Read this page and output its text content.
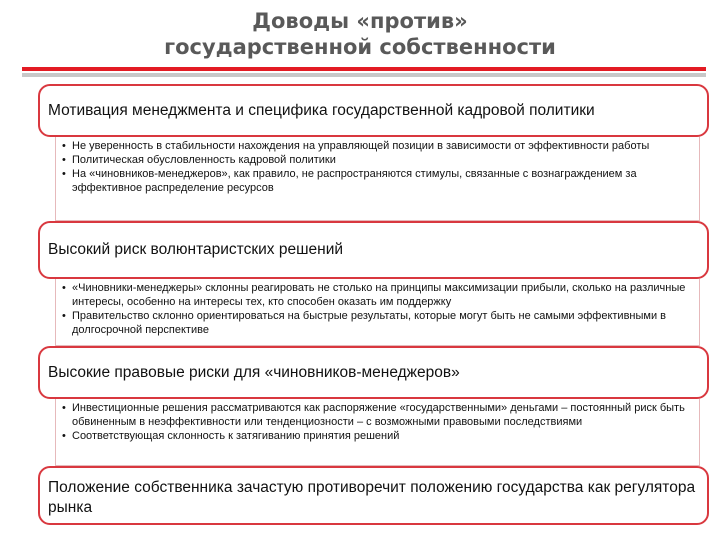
Доводы «против»
государственной собственности
Мотивация менеджмента и специфика государственной кадровой политики
• Не уверенность в стабильности нахождения на управляющей позиции в зависимости от эффективности работы
• Политическая обусловленность кадровой политики
• На «чиновников-менеджеров», как правило, не распространяются стимулы, связанные с вознаграждением за эффективное распределение ресурсов
Высокий риск волюнтаристских решений
• «Чиновники-менеджеры» склонны реагировать не столько на принципы максимизации прибыли, сколько на различные интересы, особенно на интересы тех, кто способен оказать им поддержку
• Правительство склонно ориентироваться на быстрые результаты, которые могут быть не самыми эффективными в долгосрочной перспективе
Высокие правовые риски для «чиновников-менеджеров»
• Инвестиционные решения рассматриваются как распоряжение «государственными» деньгами – постоянный риск быть обвиненным в неэффективности или тенденциозности – с возможными правовыми последствиями
• Соответствующая склонность к затягиванию принятия решений
Положение собственника зачастую противоречит положению государства как регулятора рынка
